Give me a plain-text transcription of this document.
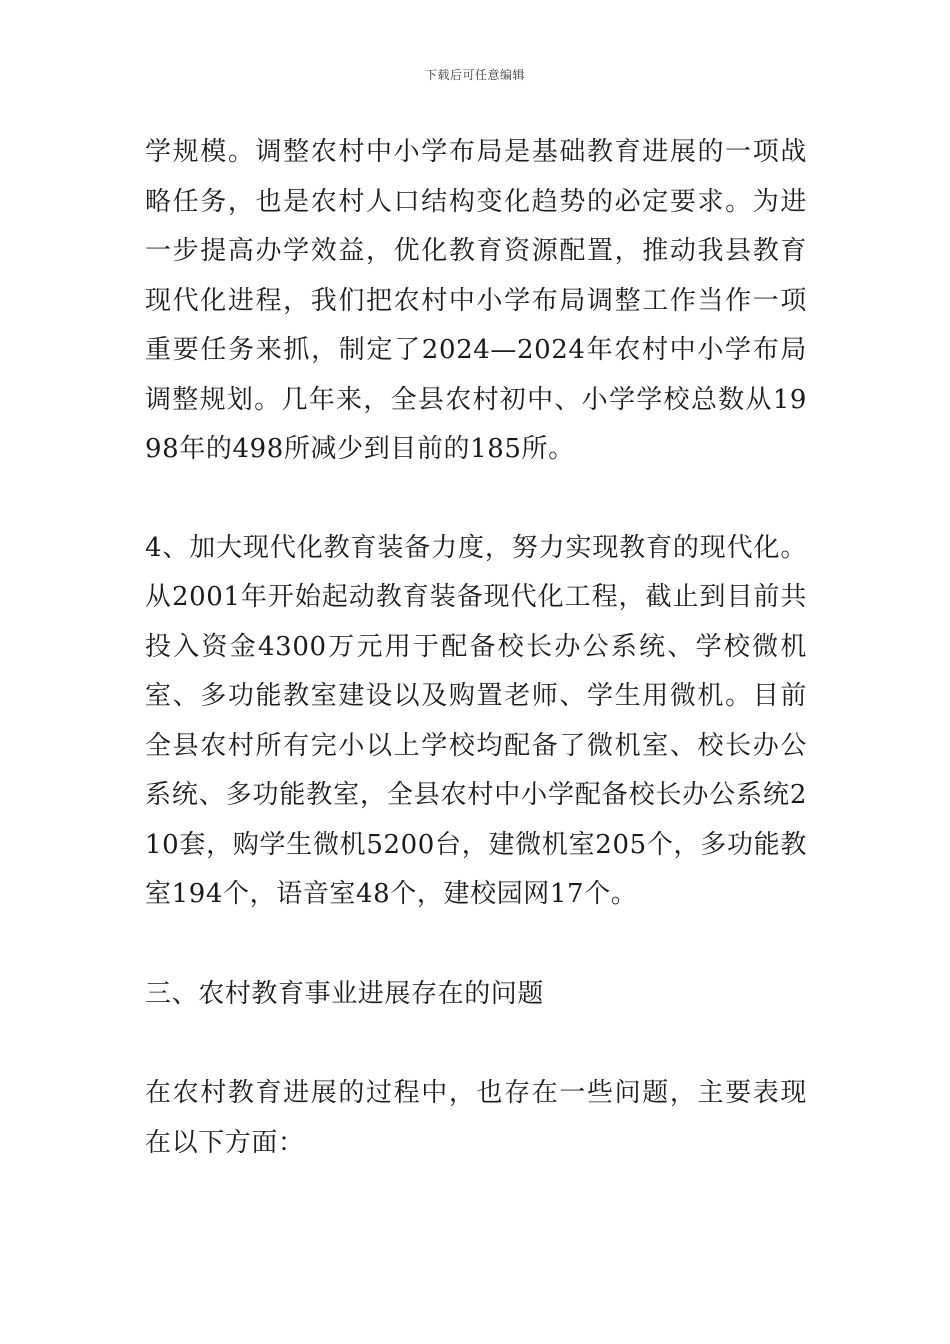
下载后可任意编辑

学规模。调整农村中小学布局是基础教育进展的一项战略任务，也是农村人口结构变化趋势的必定要求。为进一步提高办学效益，优化教育资源配置，推动我县教育现代化进程，我们把农村中小学布局调整工作当作一项重要任务来抓，制定了2024—2024年农村中小学布局调整规划。几年来，全县农村初中、小学学校总数从1998年的498所减少到目前的185所。

4、加大现代化教育装备力度，努力实现教育的现代化。从2001年开始起动教育装备现代化工程，截止到目前共投入资金4300万元用于配备校长办公系统、学校微机室、多功能教室建设以及购置老师、学生用微机。目前全县农村所有完小以上学校均配备了微机室、校长办公系统、多功能教室，全县农村中小学配备校长办公系统210套，购学生微机5200台，建微机室205个，多功能教室194个，语音室48个，建校园网17个。

三、农村教育事业进展存在的问题

在农村教育进展的过程中，也存在一些问题，主要表现在以下方面：
